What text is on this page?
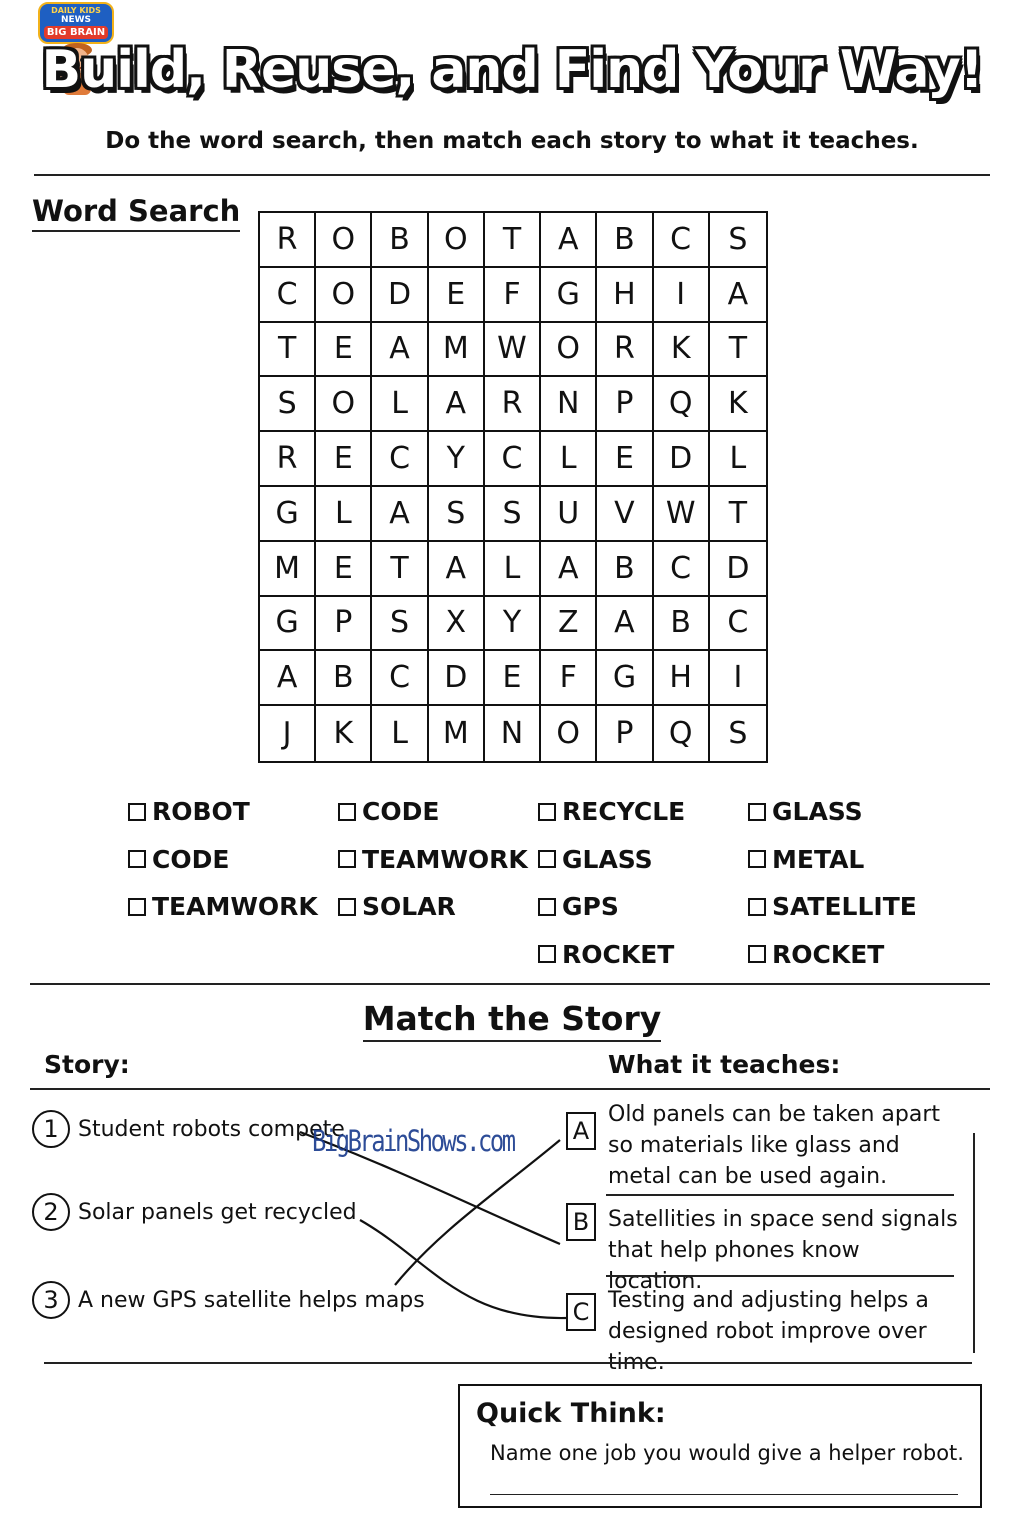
DAILY KIDS
NEWS
BIG BRAIN
Build, Reuse, and Find Your Way!
Do the word search, then match each story to what it teaches.
Word Search
R	O	B	O	T	A	B	C	S
C	O	D	E	F	G	H	I	A
T	E	A	M W O	R	K	T
S	O	L	A	R	N	P	Q	K
R	E	C	Y	C	L	E	D	L
G	L	A	S	S	U	V	W	T
M	E	T	A	L	A	B	C	D
G	P	S	X	Y	Z	A	B	C
A	B	C	D	E	F	G	H	I
J	K	L	M	N	O	P	Q	S
ROBOT
CODE
TEAMWORK
CODE
TEAMWORK
SOLAR
RECYCLE
GLASS
GPS
ROCKET
GLASS
METAL
SATELLITE
ROCKET
Match the Story
Story:	What it teaches:
1 Student robots compete
2 Solar panels get recycled
3 A new GPS satellite helps maps
A
Old panels can be taken apart so materials like glass and metal can be used again.
B Satellities in space send signals that help phones know location.
C Testing and adjusting helps a designed robot improve over time.
BigBrainShows.com
Quick Think:
Name one job you would give a helper robot.
